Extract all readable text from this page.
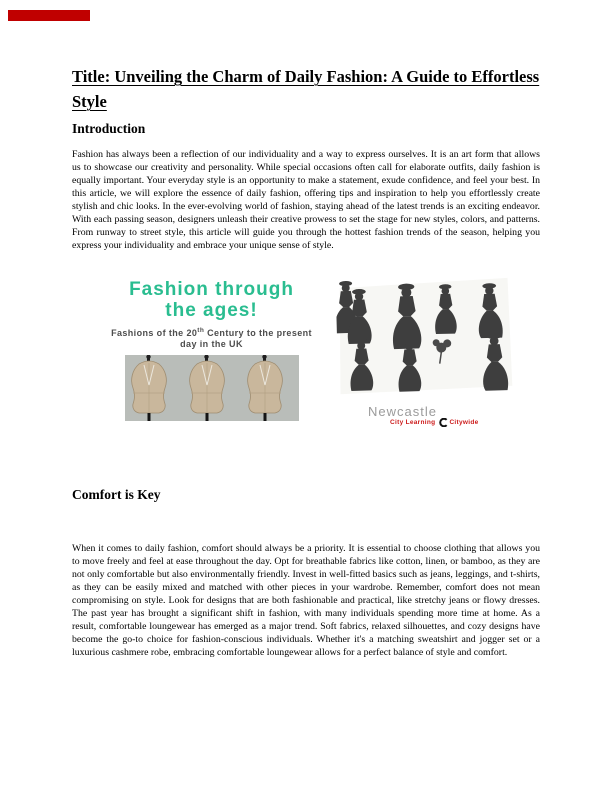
Title: Unveiling the Charm of Daily Fashion: A Guide to Effortless
Style
Introduction
Fashion has always been a reflection of our individuality and a way to express ourselves. It is an art form that allows us to showcase our creativity and personality. While special occasions often call for elaborate outfits, daily fashion is equally important. Your everyday style is an opportunity to make a statement, exude confidence, and feel your best. In this article, we will explore the essence of daily fashion, offering tips and inspiration to help you effortlessly create stylish and chic looks. In the ever-evolving world of fashion, staying ahead of the latest trends is an exciting endeavor. With each passing season, designers unleash their creative prowess to set the stage for new styles, colors, and patterns. From runway to street style, this article will guide you through the hottest fashion trends of the season, helping you express your individuality and embrace your unique sense of style.
Fashion through the ages!
Fashions of the 20th Century to the present day in the UK
Newcastle
City Learning Citywide
Comfort is Key
When it comes to daily fashion, comfort should always be a priority. It is essential to choose clothing that allows you to move freely and feel at ease throughout the day. Opt for breathable fabrics like cotton, linen, or bamboo, as they are not only comfortable but also environmentally friendly. Invest in well-fitted basics such as jeans, leggings, and t-shirts, as they can be easily mixed and matched with other pieces in your wardrobe. Remember, comfort does not mean compromising on style. Look for designs that are both fashionable and practical, like stretchy jeans or flowy dresses. The past year has brought a significant shift in fashion, with many individuals spending more time at home. As a result, comfortable loungewear has emerged as a major trend. Soft fabrics, relaxed silhouettes, and cozy designs have become the go-to choice for fashion-conscious individuals. Whether it's a matching sweatshirt and jogger set or a luxurious cashmere robe, embracing comfortable loungewear allows for a perfect balance of style and comfort.
